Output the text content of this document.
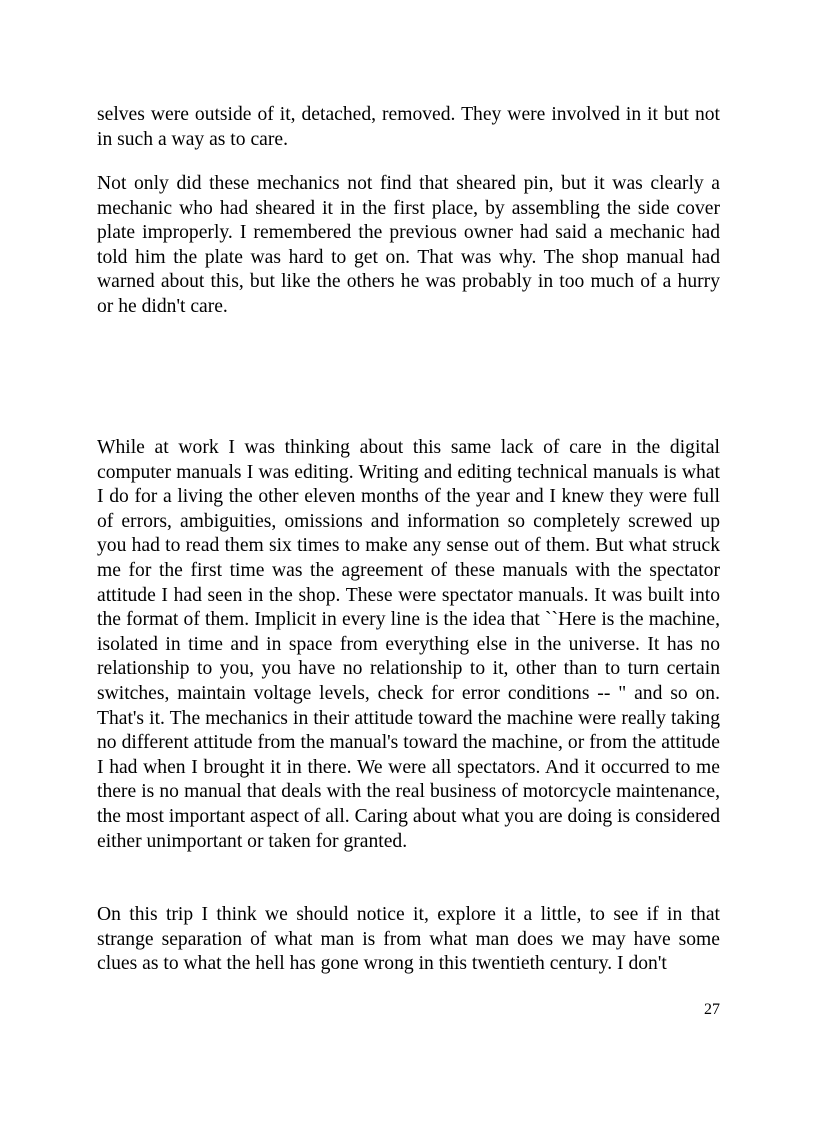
selves were outside of it, detached, removed. They were involved in it but not in such a way as to care.

Not only did these mechanics not find that sheared pin, but it was clearly a mechanic who had sheared it in the first place, by assembling the side cover plate improperly. I remembered the previous owner had said a mechanic had told him the plate was hard to get on. That was why. The shop manual had warned about this, but like the others he was probably in too much of a hurry or he didn't care.

While at work I was thinking about this same lack of care in the digital computer manuals I was editing. Writing and editing technical manuals is what I do for a living the other eleven months of the year and I knew they were full of errors, ambiguities, omissions and information so completely screwed up you had to read them six times to make any sense out of them. But what struck me for the first time was the agreement of these manuals with the spectator attitude I had seen in the shop. These were spectator manuals. It was built into the format of them. Implicit in every line is the idea that ``Here is the machine, isolated in time and in space from everything else in the universe. It has no relationship to you, you have no relationship to it, other than to turn certain switches, maintain voltage levels, check for error conditions -- " and so on. That's it. The mechanics in their attitude toward the machine were really taking no different attitude from the manual's toward the machine, or from the attitude I had when I brought it in there. We were all spectators. And it occurred to me there is no manual that deals with the real business of motorcycle maintenance, the most important aspect of all. Caring about what you are doing is considered either unimportant or taken for granted.

On this trip I think we should notice it, explore it a little, to see if in that strange separation of what man is from what man does we may have some clues as to what the hell has gone wrong in this twentieth century. I don't

27
